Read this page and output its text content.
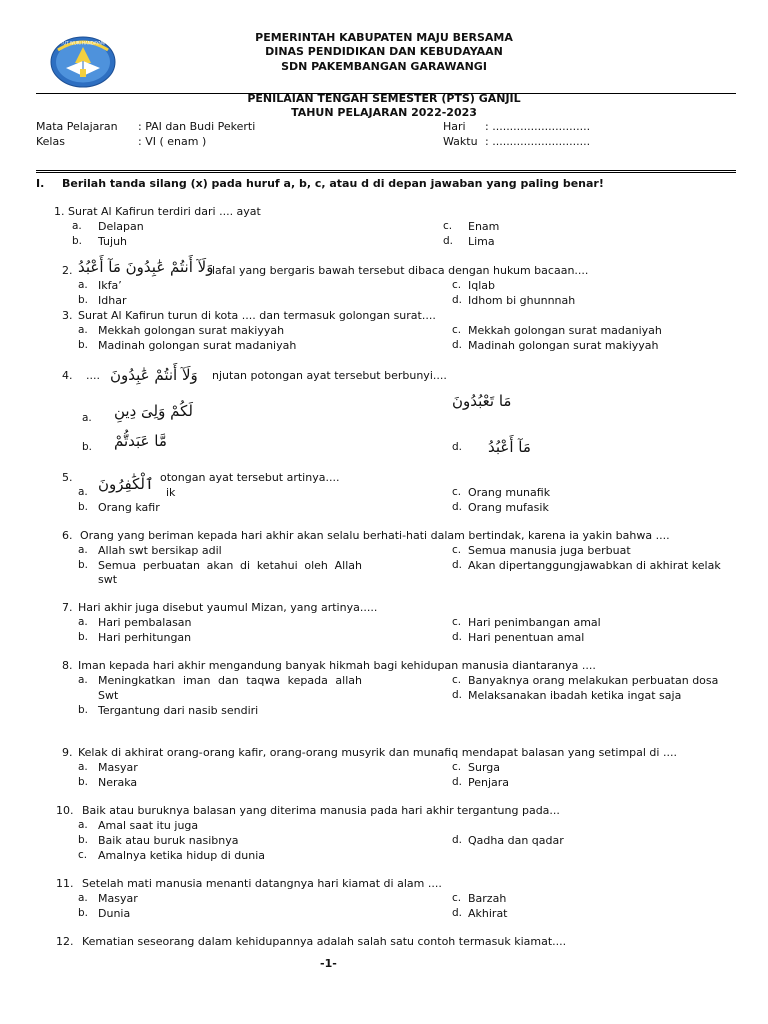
TUT WURI HANDAYANI	PEMERINTAH KABUPATEN MAJU BERSAMA
DINAS PENDIDIKAN DAN KEBUDAYAAN
SDN PAKEMBANGAN GARAWANGI
PENILAIAN TENGAH SEMESTER (PTS) GANJIL
TAHUN PELAJARAN 2022-2023
Mata Pelajaran : PAI dan Budi Pekerti
Kelas	: VI ( enam )
Hari : ............................
Waktu : ............................
I. Berilah tanda silang (x) pada huruf a, b, c, atau d di depan jawaban yang paling benar!
1. Surat Al Kafirun terdiri dari .... ayat
a. Delapan
b. Tujuh
c. Enam
d. Lima
2. وَلَآ أَنتُمْ عَٰبِدُونَ مَآ أَعْبُدُ
lafal yang bergaris bawah tersebut dibaca dengan hukum bacaan....
a. Ikfa’
b. Idhar
c. Iqlab
d. Idhom bi ghunnnah
3. Surat Al Kafirun turun di kota .... dan termasuk golongan surat....
a. Mekkah golongan surat makiyyah
b. Madinah golongan surat madaniyah
c. Mekkah golongan surat madaniyah
d. Madinah golongan surat makiyyah
4. .... وَلَآ أَنتُمْ عَٰبِدُونَ njutan potongan ayat tersebut berbunyi....
a. لَكُمْ وَلِىَ دِينِ
b. مَّا عَبَدتُّمْ
مَا تَعْبُدُونَ
d. مَآ أَعْبُدُ
5. ٱلْكَٰفِرُونَ otongan ayat tersebut artinya....
a.	ik
b. Orang kafir
c. Orang munafik
d. Orang mufasik
6. Orang yang beriman kepada hari akhir akan selalu berhati-hati dalam bertindak, karena ia yakin bahwa ....
a. Allah swt bersikap adil
b. Semua perbuatan akan di ketahui oleh Allah
swt
c. Semua manusia juga berbuat
d. Akan dipertanggungjawabkan di akhirat kelak
7. Hari akhir juga disebut yaumul Mizan, yang artinya.....
a. Hari pembalasan
b. Hari perhitungan
c. Hari penimbangan amal
d. Hari penentuan amal
8. Iman kepada hari akhir mengandung banyak hikmah bagi kehidupan manusia diantaranya ....
a. Meningkatkan iman dan taqwa kepada allah
Swt
b. Tergantung dari nasib sendiri
c. Banyaknya orang melakukan perbuatan dosa
d. Melaksanakan ibadah ketika ingat saja
9. Kelak di akhirat orang-orang kafir, orang-orang musyrik dan munafiq mendapat balasan yang setimpal di ....
a. Masyar
b. Neraka
c. Surga
d. Penjara
10. Baik atau buruknya balasan yang diterima manusia pada hari akhir tergantung pada...
a. Amal saat itu juga
b. Baik atau buruk nasibnya
c. Amalnya ketika hidup di dunia
d. Qadha dan qadar
11. Setelah mati manusia menanti datangnya hari kiamat di alam ....
a. Masyar
b. Dunia
c. Barzah
d. Akhirat
12. Kematian seseorang dalam kehidupannya adalah salah satu contoh termasuk kiamat....
-1-
